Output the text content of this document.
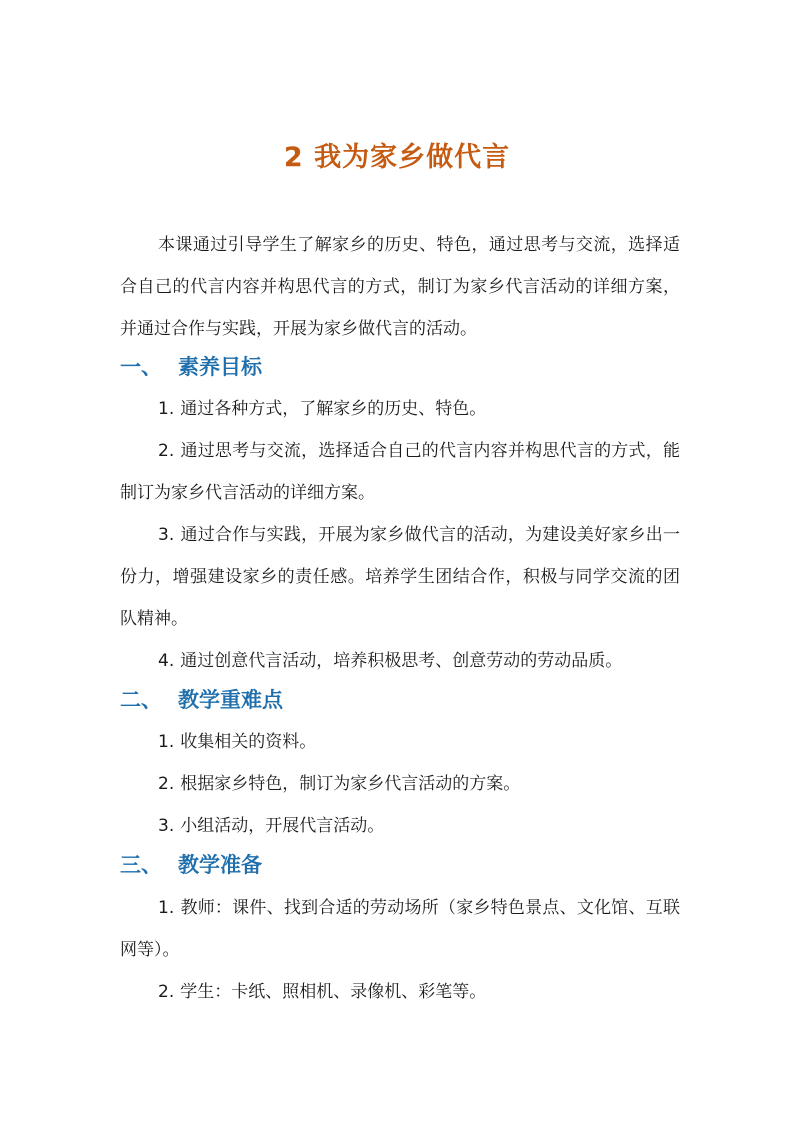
2 我为家乡做代言

本课通过引导学生了解家乡的历史、特色，通过思考与交流，选择适合自己的代言内容并构思代言的方式，制订为家乡代言活动的详细方案，并通过合作与实践，开展为家乡做代言的活动。

一、 素养目标

1. 通过各种方式，了解家乡的历史、特色。

2. 通过思考与交流，选择适合自己的代言内容并构思代言的方式，能制订为家乡代言活动的详细方案。

3. 通过合作与实践，开展为家乡做代言的活动，为建设美好家乡出一份力，增强建设家乡的责任感。培养学生团结合作，积极与同学交流的团队精神。

4. 通过创意代言活动，培养积极思考、创意劳动的劳动品质。

二、 教学重难点

1. 收集相关的资料。

2. 根据家乡特色，制订为家乡代言活动的方案。

3. 小组活动，开展代言活动。

三、 教学准备

1. 教师：课件、找到合适的劳动场所（家乡特色景点、文化馆、互联网等）。

2. 学生：卡纸、照相机、录像机、彩笔等。
